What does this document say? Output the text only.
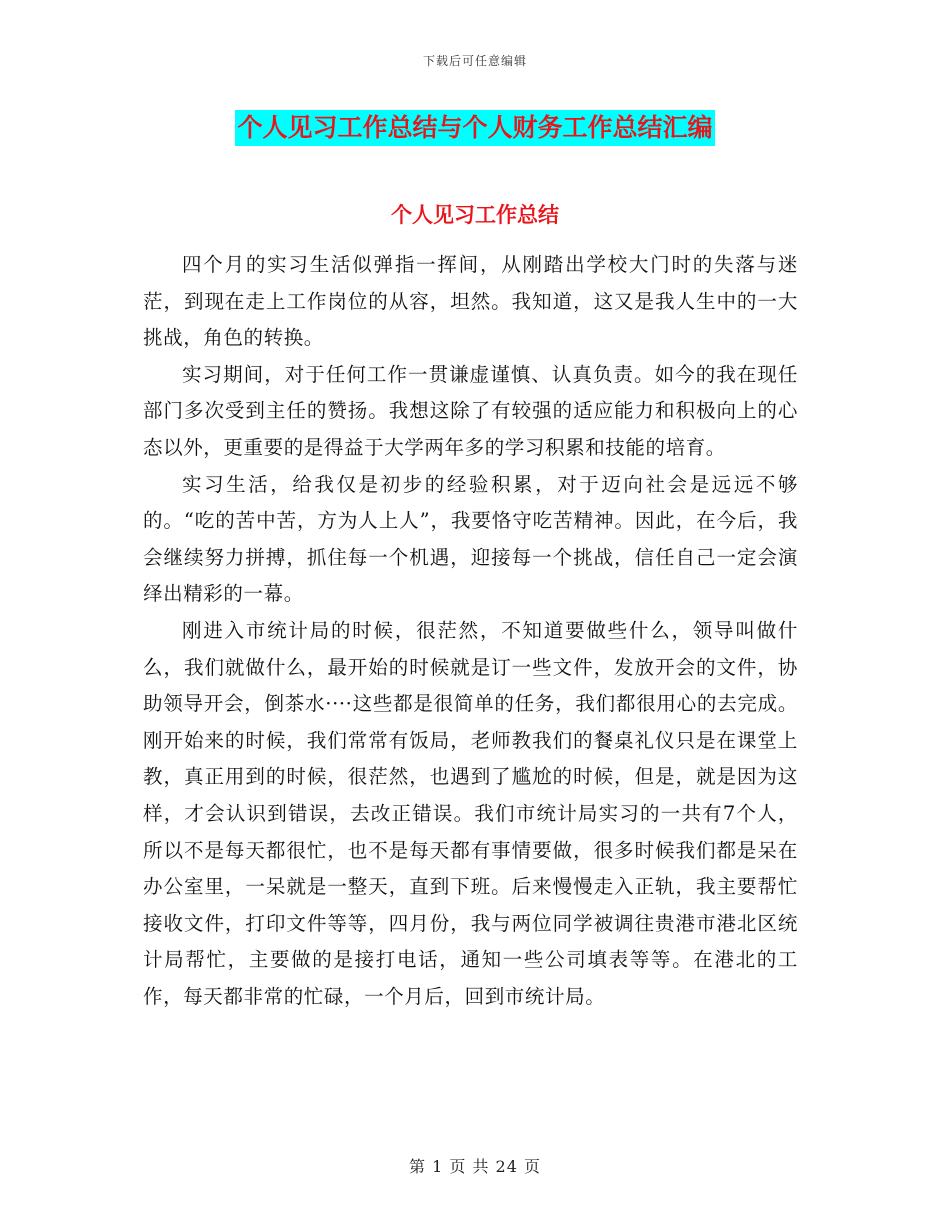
下载后可任意编辑
个人见习工作总结与个人财务工作总结汇编
个人见习工作总结

四个月的实习生活似弹指一挥间，从刚踏出学校大门时的失落与迷茫，到现在走上工作岗位的从容，坦然。我知道，这又是我人生中的一大挑战，角色的转换。

实习期间，对于任何工作一贯谦虚谨慎、认真负责。如今的我在现任部门多次受到主任的赞扬。我想这除了有较强的适应能力和积极向上的心态以外，更重要的是得益于大学两年多的学习积累和技能的培育。

实习生活，给我仅是初步的经验积累，对于迈向社会是远远不够的。“吃的苦中苦，方为人上人”，我要恪守吃苦精神。因此，在今后，我会继续努力拼搏，抓住每一个机遇，迎接每一个挑战，信任自己一定会演绎出精彩的一幕。

刚进入市统计局的时候，很茫然，不知道要做些什么，领导叫做什么，我们就做什么，最开始的时候就是订一些文件，发放开会的文件，协助领导开会，倒茶水····这些都是很简单的任务，我们都很用心的去完成。刚开始来的时候，我们常常有饭局，老师教我们的餐桌礼仪只是在课堂上教，真正用到的时候，很茫然，也遇到了尴尬的时候，但是，就是因为这样，才会认识到错误，去改正错误。我们市统计局实习的一共有7个人，所以不是每天都很忙，也不是每天都有事情要做，很多时候我们都是呆在办公室里，一呆就是一整天，直到下班。后来慢慢走入正轨，我主要帮忙接收文件，打印文件等等，四月份，我与两位同学被调往贵港市港北区统计局帮忙，主要做的是接打电话，通知一些公司填表等等。在港北的工作，每天都非常的忙碌，一个月后，回到市统计局。

第 1 页 共 24 页
